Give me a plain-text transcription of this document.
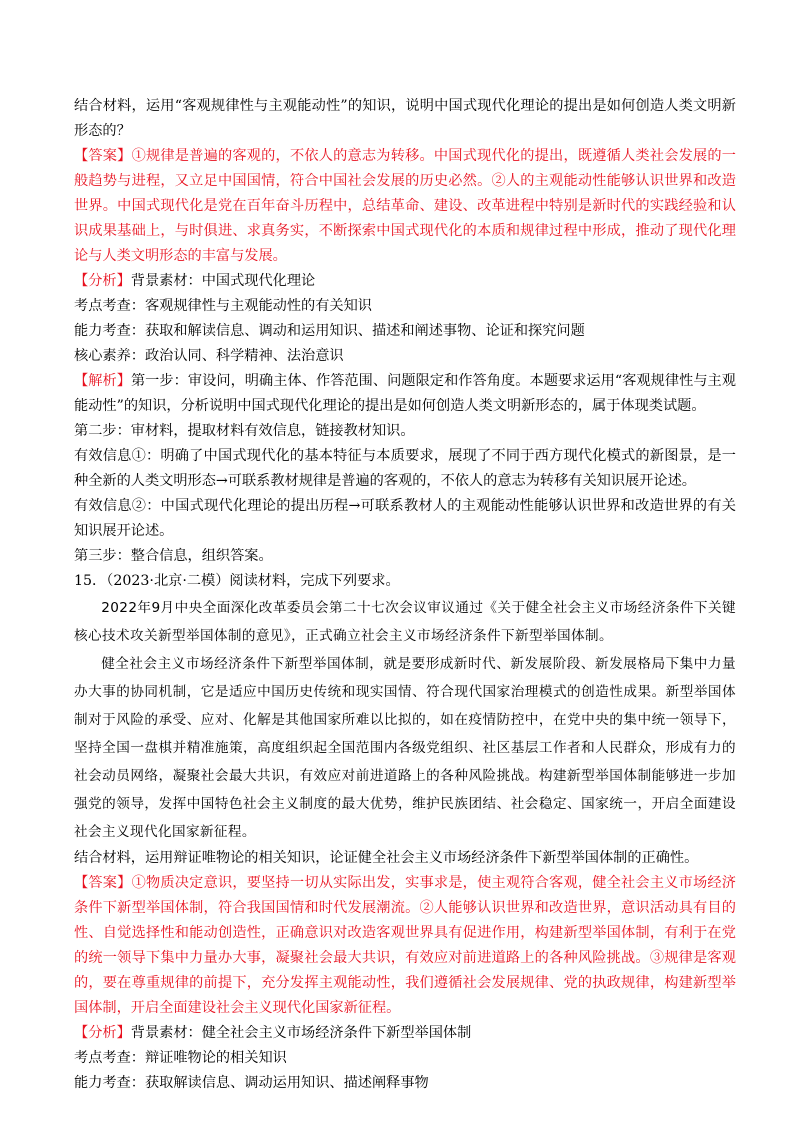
结合材料，运用“客观规律性与主观能动性”的知识，说明中国式现代化理论的提出是如何创造人类文明新形态的？

【答案】①规律是普遍的客观的，不依人的意志为转移。中国式现代化的提出，既遵循人类社会发展的一般趋势与进程，又立足中国国情，符合中国社会发展的历史必然。②人的主观能动性能够认识世界和改造世界。中国式现代化是党在百年奋斗历程中，总结革命、建设、改革进程中特别是新时代的实践经验和认识成果基础上，与时俱进、求真务实，不断探索中国式现代化的本质和规律过程中形成，推动了现代化理论与人类文明形态的丰富与发展。

【分析】背景素材：中国式现代化理论

考点考查：客观规律性与主观能动性的有关知识

能力考查：获取和解读信息、调动和运用知识、描述和阐述事物、论证和探究问题

核心素养：政治认同、科学精神、法治意识

【解析】第一步：审设问，明确主体、作答范围、问题限定和作答角度。本题要求运用“客观规律性与主观能动性”的知识，分析说明中国式现代化理论的提出是如何创造人类文明新形态的，属于体现类试题。

第二步：审材料，提取材料有效信息，链接教材知识。

有效信息①：明确了中国式现代化的基本特征与本质要求，展现了不同于西方现代化模式的新图景，是一种全新的人类文明形态→可联系教材规律是普遍的客观的，不依人的意志为转移有关知识展开论述。

有效信息②：中国式现代化理论的提出历程→可联系教材人的主观能动性能够认识世界和改造世界的有关知识展开论述。

第三步：整合信息，组织答案。

15．（2023·北京·二模）阅读材料，完成下列要求。

2022年9月中央全面深化改革委员会第二十七次会议审议通过《关于健全社会主义市场经济条件下关键核心技术攻关新型举国体制的意见》，正式确立社会主义市场经济条件下新型举国体制。

健全社会主义市场经济条件下新型举国体制，就是要形成新时代、新发展阶段、新发展格局下集中力量办大事的协同机制，它是适应中国历史传统和现实国情、符合现代国家治理模式的创造性成果。新型举国体制对于风险的承受、应对、化解是其他国家所难以比拟的，如在疫情防控中，在党中央的集中统一领导下，坚持全国一盘棋并精准施策，高度组织起全国范围内各级党组织、社区基层工作者和人民群众，形成有力的社会动员网络，凝聚社会最大共识，有效应对前进道路上的各种风险挑战。构建新型举国体制能够进一步加强党的领导，发挥中国特色社会主义制度的最大优势，维护民族团结、社会稳定、国家统一，开启全面建设社会主义现代化国家新征程。

结合材料，运用辩证唯物论的相关知识，论证健全社会主义市场经济条件下新型举国体制的正确性。

【答案】①物质决定意识，要坚持一切从实际出发，实事求是，使主观符合客观，健全社会主义市场经济条件下新型举国体制，符合我国国情和时代发展潮流。②人能够认识世界和改造世界，意识活动具有目的性、自觉选择性和能动创造性，正确意识对改造客观世界具有促进作用，构建新型举国体制，有利于在党的统一领导下集中力量办大事，凝聚社会最大共识，有效应对前进道路上的各种风险挑战。③规律是客观的，要在尊重规律的前提下，充分发挥主观能动性，我们遵循社会发展规律、党的执政规律，构建新型举国体制，开启全面建设社会主义现代化国家新征程。

【分析】背景素材：健全社会主义市场经济条件下新型举国体制

考点考查：辩证唯物论的相关知识

能力考查：获取解读信息、调动运用知识、描述阐释事物
